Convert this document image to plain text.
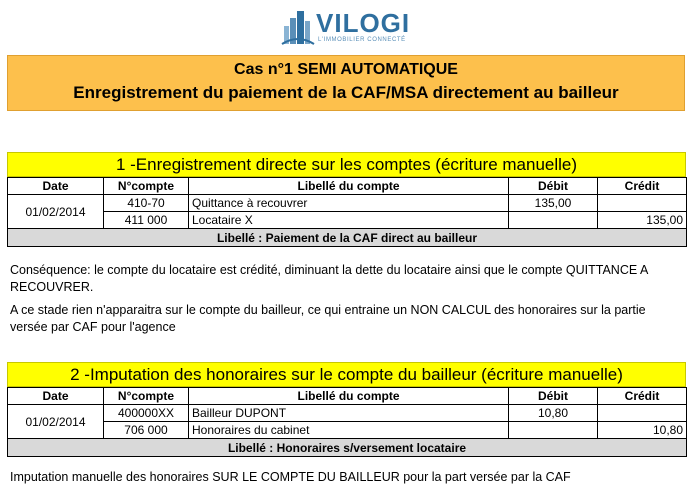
VILOGI
L'IMMOBILIER CONNECTÉ
Cas n°1 SEMI AUTOMATIQUE
Enregistrement du paiement de la CAF/MSA directement au bailleur
1 -Enregistrement directe sur les comptes (écriture manuelle)
Date	N°compte	Libellé du compte	Débit	Crédit
01/02/2014	410-70	Quittance à recouvrer	135,00	
	411 000	Locataire X		135,00
Libellé : Paiement de la CAF direct au bailleur				
Conséquence: le compte du locataire est crédité, diminuant la dette du locataire ainsi que le compte QUITTANCE A RECOUVRER.
A ce stade rien n'apparaitra sur le compte du bailleur, ce qui entraine un NON CALCUL des honoraires sur la partie versée par CAF pour l'agence
2 -Imputation des honoraires sur le compte du bailleur (écriture manuelle)
Date	N°compte	Libellé du compte	Débit	Crédit
01/02/2014	400000XX	Bailleur DUPONT	10,80	
	706 000	Honoraires du cabinet		10,80
Libellé : Honoraires s/versement locataire				
Imputation manuelle des honoraires SUR LE COMPTE DU BAILLEUR pour la part versée par la CAF
